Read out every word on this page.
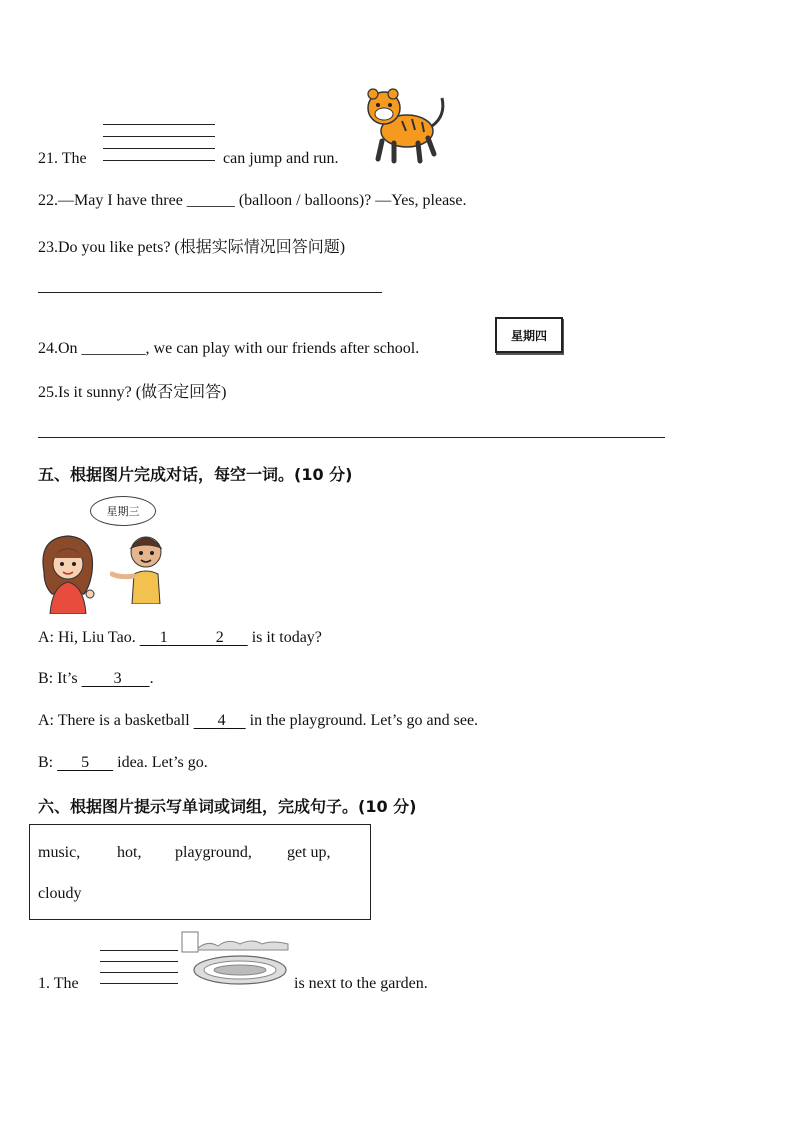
21. The	can jump and run.
22.—May I have three ______ (balloon / balloons)? —Yes, please.
23.Do you like pets? (根据实际情况回答问题)
24.On ________, we can play with our friends after school.
星期四
25.Is it sunny? (做否定回答)
五、根据图片完成对话，每空一词。(10 分)
星期三
A: Hi, Liu Tao.      1	2       is it today?
B: It’s         3 .
A: There is a basketball       4      in the playground. Let’s go and see.
B:       5       idea. Let’s go.
六、根据图片提示写单词或词组，完成句子。(10 分)
music, hot, playground, get up,
cloudy
1. The	is next to the garden.
